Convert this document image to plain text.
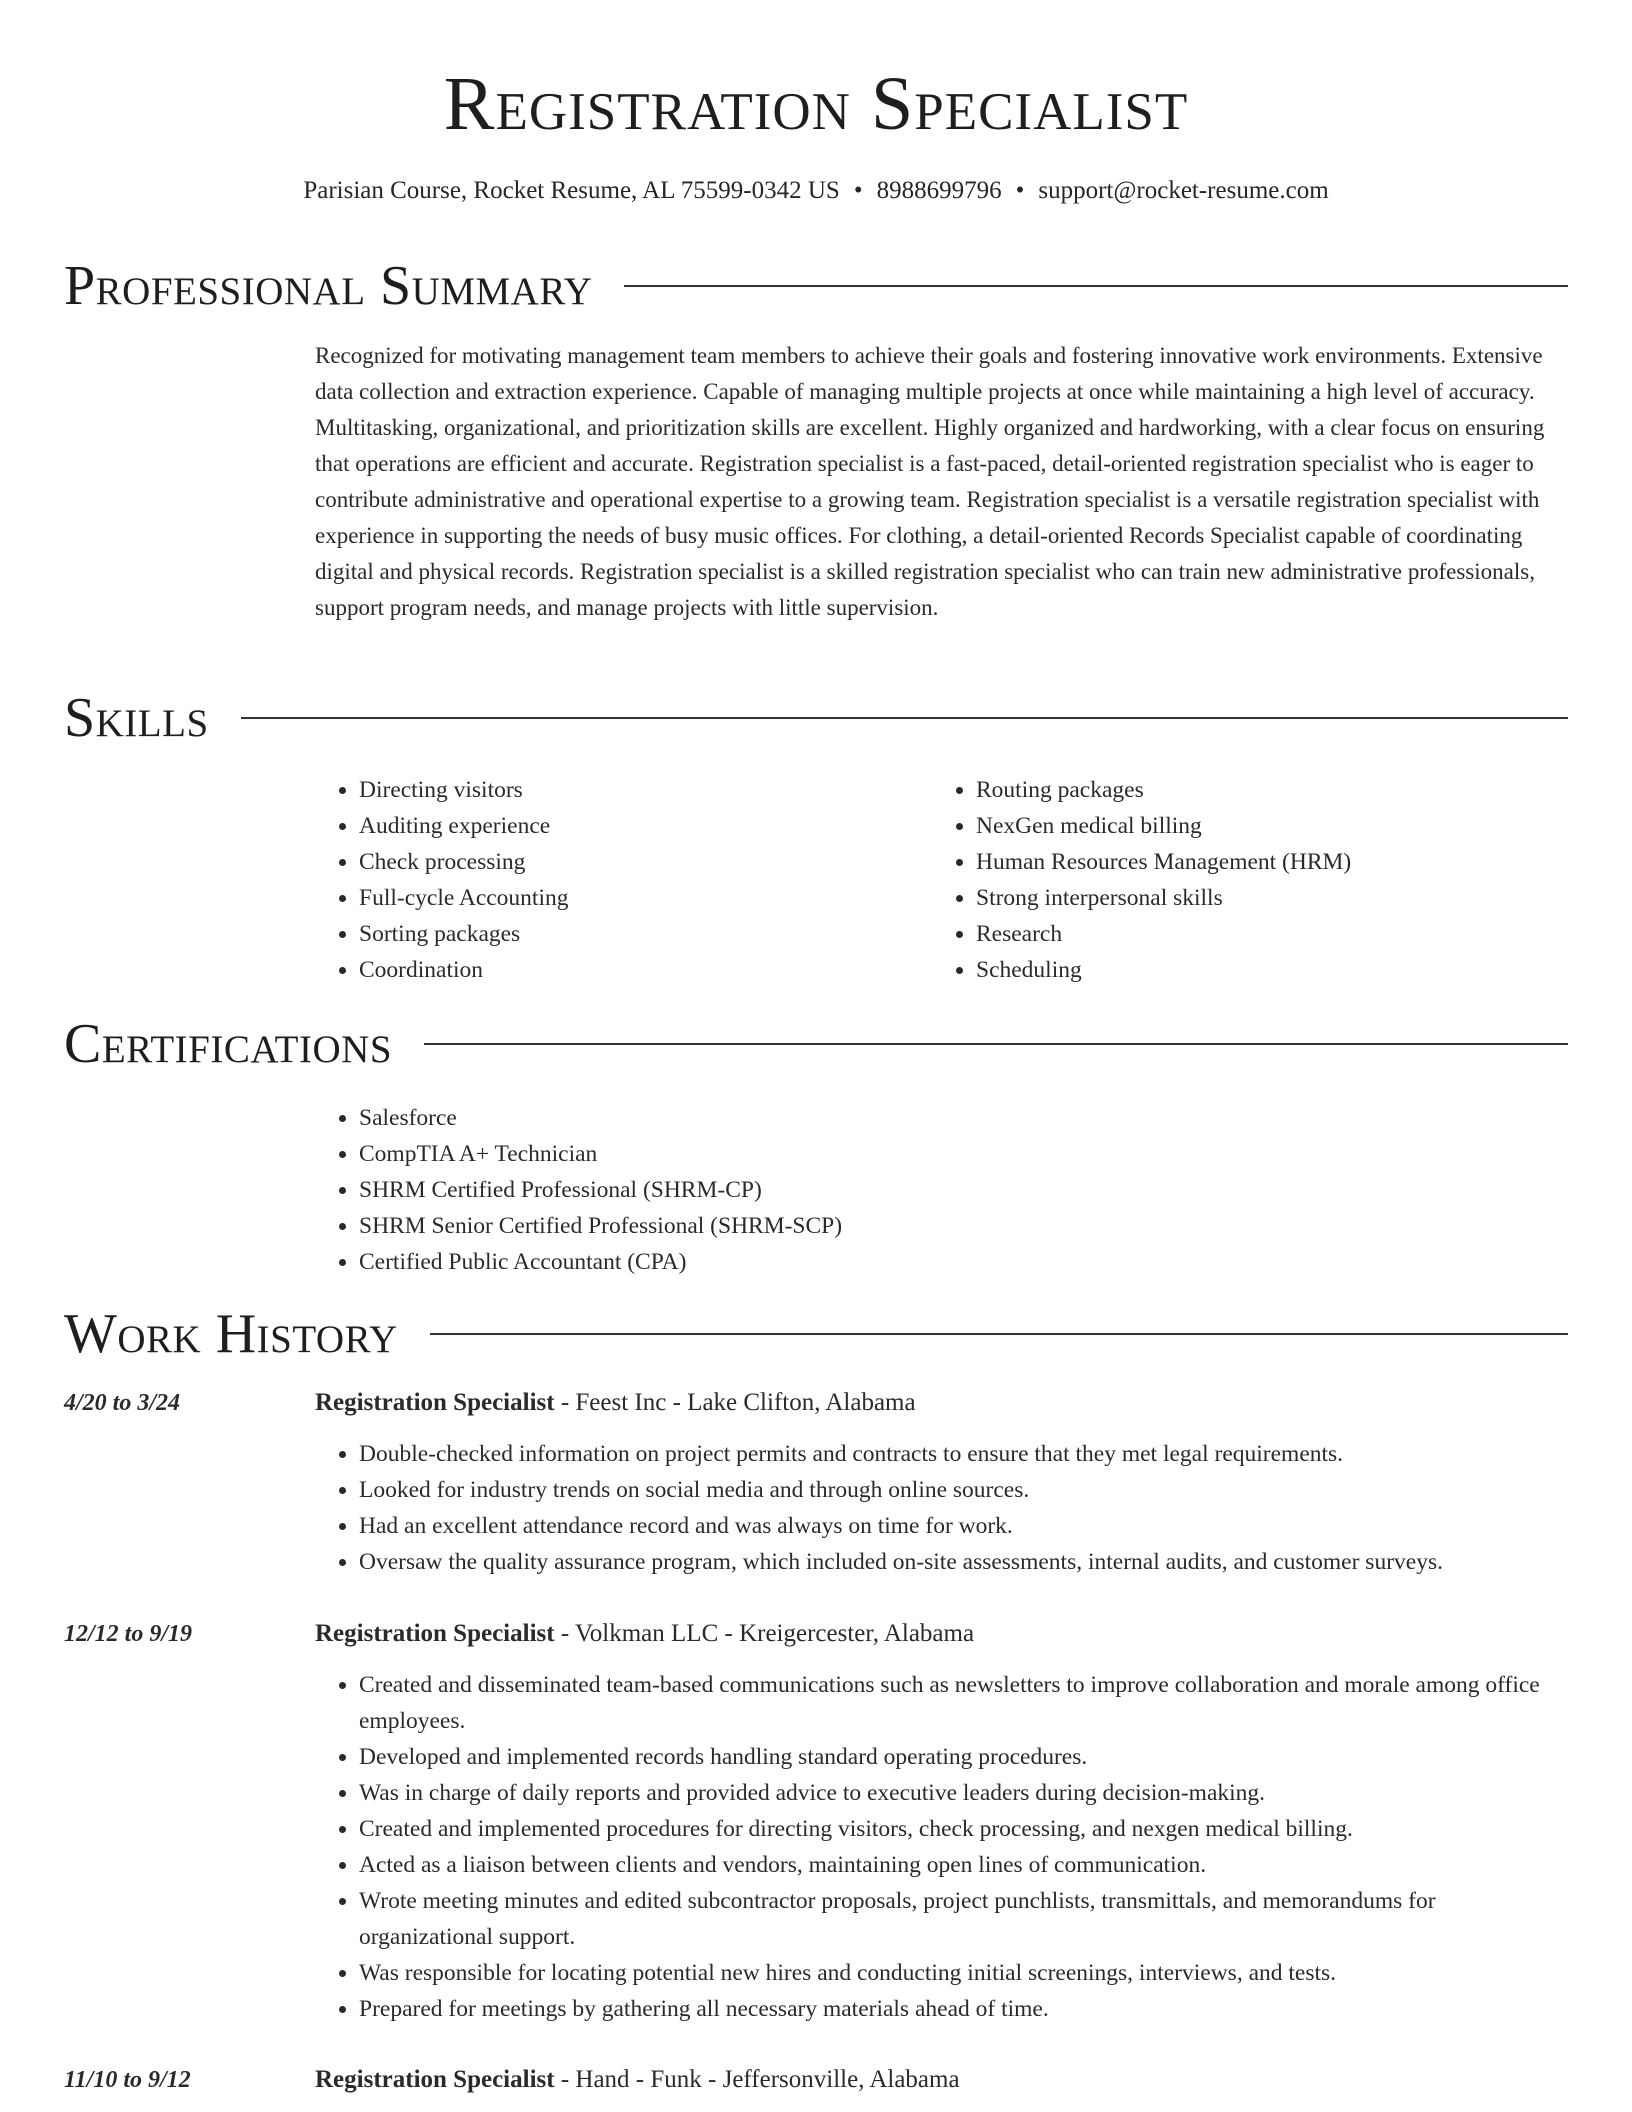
Registration Specialist
Parisian Course, Rocket Resume, AL 75599-0342 US • 8988699796 • support@rocket-resume.com
Professional Summary

Recognized for motivating management team members to achieve their goals and fostering innovative work environments. Extensive data collection and extraction experience. Capable of managing multiple projects at once while maintaining a high level of accuracy. Multitasking, organizational, and prioritization skills are excellent. Highly organized and hardworking, with a clear focus on ensuring that operations are efficient and accurate. Registration specialist is a fast-paced, detail-oriented registration specialist who is eager to contribute administrative and operational expertise to a growing team. Registration specialist is a versatile registration specialist with experience in supporting the needs of busy music offices. For clothing, a detail-oriented Records Specialist capable of coordinating digital and physical records. Registration specialist is a skilled registration specialist who can train new administrative professionals, support program needs, and manage projects with little supervision.

Skills
• Directing visitors
• Auditing experience
• Check processing
• Full-cycle Accounting
• Sorting packages
• Coordination
• Routing packages
• NexGen medical billing
• Human Resources Management (HRM)
• Strong interpersonal skills
• Research
• Scheduling
Certifications
• Salesforce
• CompTIA A+ Technician
• SHRM Certified Professional (SHRM-CP)
• SHRM Senior Certified Professional (SHRM-SCP)
• Certified Public Accountant (CPA)
Work History
4/20 to 3/24	Registration Specialist - Feest Inc - Lake Clifton, Alabama
• Double-checked information on project permits and contracts to ensure that they met legal requirements.
• Looked for industry trends on social media and through online sources.
• Had an excellent attendance record and was always on time for work.
• Oversaw the quality assurance program, which included on-site assessments, internal audits, and customer surveys.
12/12 to 9/19	Registration Specialist - Volkman LLC - Kreigercester, Alabama
• Created and disseminated team-based communications such as newsletters to improve collaboration and morale among office employees.
• Developed and implemented records handling standard operating procedures.
• Was in charge of daily reports and provided advice to executive leaders during decision-making.
• Created and implemented procedures for directing visitors, check processing, and nexgen medical billing.
• Acted as a liaison between clients and vendors, maintaining open lines of communication.
• Wrote meeting minutes and edited subcontractor proposals, project punchlists, transmittals, and memorandums for organizational support.
• Was responsible for locating potential new hires and conducting initial screenings, interviews, and tests.
• Prepared for meetings by gathering all necessary materials ahead of time.
11/10 to 9/12	Registration Specialist - Hand - Funk - Jeffersonville, Alabama
